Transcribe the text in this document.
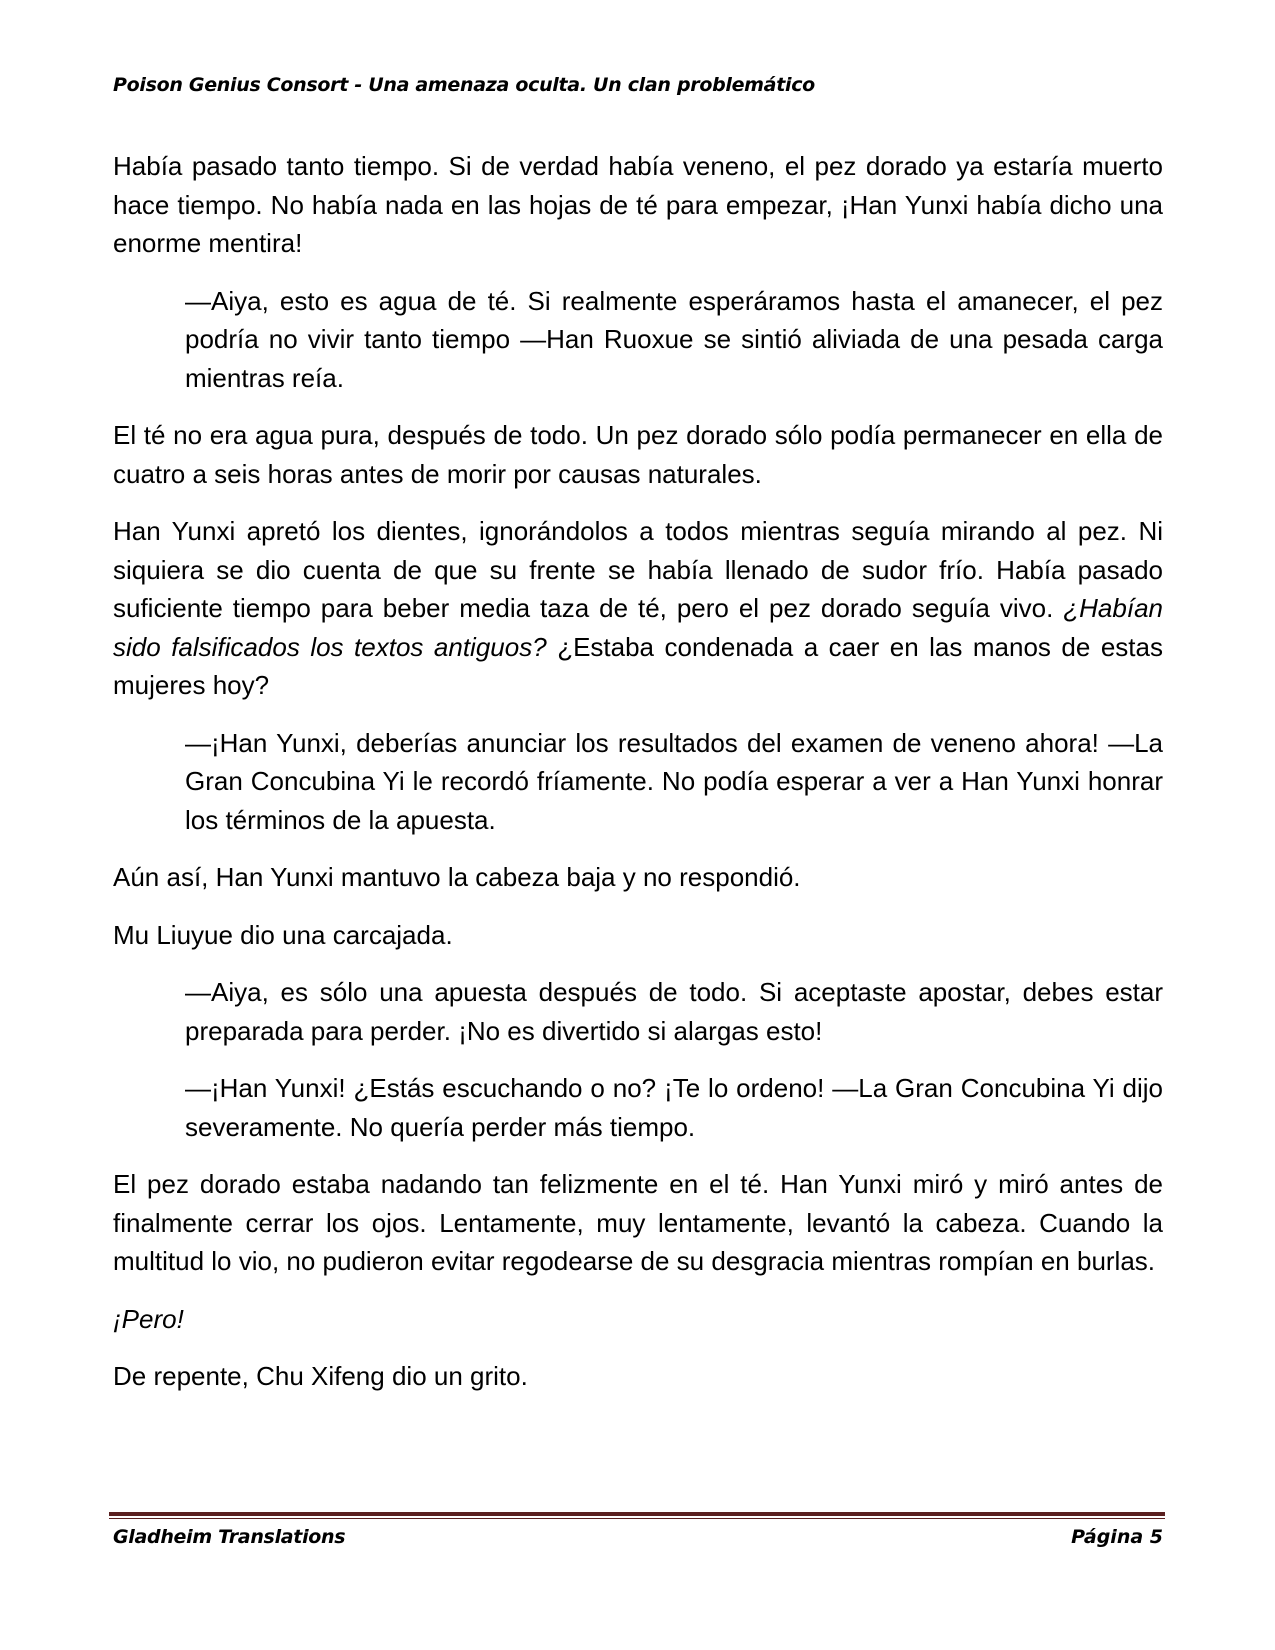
Poison Genius Consort - Una amenaza oculta. Un clan problemático

Había pasado tanto tiempo. Si de verdad había veneno, el pez dorado ya estaría muerto hace tiempo. No había nada en las hojas de té para empezar, ¡Han Yunxi había dicho una enorme mentira!

—Aiya, esto es agua de té. Si realmente esperáramos hasta el amanecer, el pez podría no vivir tanto tiempo —Han Ruoxue se sintió aliviada de una pesada carga mientras reía.

El té no era agua pura, después de todo. Un pez dorado sólo podía permanecer en ella de cuatro a seis horas antes de morir por causas naturales.

Han Yunxi apretó los dientes, ignorándolos a todos mientras seguía mirando al pez. Ni siquiera se dio cuenta de que su frente se había llenado de sudor frío. Había pasado suficiente tiempo para beber media taza de té, pero el pez dorado seguía vivo. ¿Habían sido falsificados los textos antiguos? ¿Estaba condenada a caer en las manos de estas mujeres hoy?

—¡Han Yunxi, deberías anunciar los resultados del examen de veneno ahora! —La Gran Concubina Yi le recordó fríamente. No podía esperar a ver a Han Yunxi honrar los términos de la apuesta.

Aún así, Han Yunxi mantuvo la cabeza baja y no respondió.

Mu Liuyue dio una carcajada.

—Aiya, es sólo una apuesta después de todo. Si aceptaste apostar, debes estar preparada para perder. ¡No es divertido si alargas esto!

—¡Han Yunxi! ¿Estás escuchando o no? ¡Te lo ordeno! —La Gran Concubina Yi dijo severamente. No quería perder más tiempo.

El pez dorado estaba nadando tan felizmente en el té. Han Yunxi miró y miró antes de finalmente cerrar los ojos. Lentamente, muy lentamente, levantó la cabeza. Cuando la multitud lo vio, no pudieron evitar regodearse de su desgracia mientras rompían en burlas.

¡Pero!

De repente, Chu Xifeng dio un grito.

Gladheim Translations	Página 5
